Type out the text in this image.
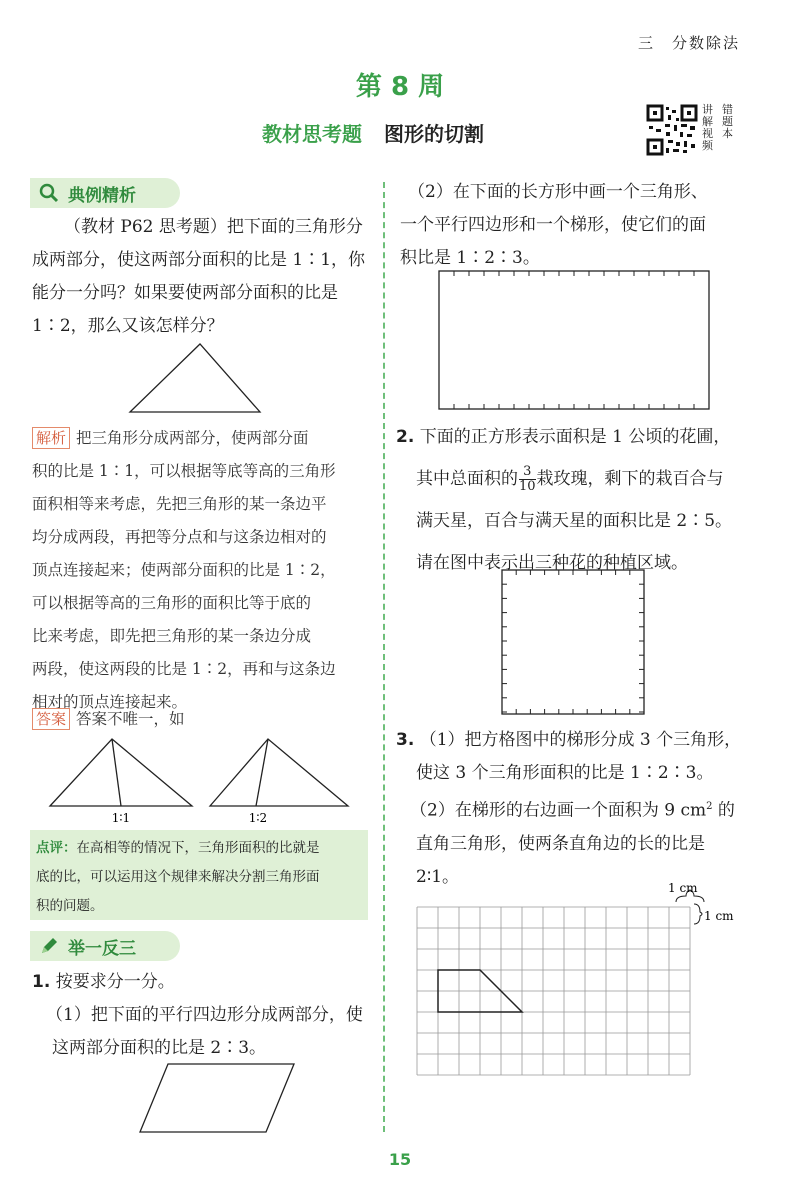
三　分数除法
第 8 周
教材思考题 图形的切割
讲 错
解 题
视 本
频
典例精析
（教材 P62 思考题）把下面的三角形分
成两部分，使这两部分面积的比是 1∶1，你
能分一分吗？如果要使两部分面积的比是
1∶2，那么又该怎样分？
解析 把三角形分成两部分，使两部分面
积的比是 1∶1，可以根据等底等高的三角形
面积相等来考虑，先把三角形的某一条边平
均分成两段，再把等分点和与这条边相对的
顶点连接起来；使两部分面积的比是 1∶2，
可以根据等高的三角形的面积比等于底的
比来考虑，即先把三角形的某一条边分成
两段，使这两段的比是 1∶2，再和与这条边
相对的顶点连接起来。
答案 答案不唯一，如
1∶1	1∶2
点评：在高相等的情况下，三角形面积的比就是
底的比，可以运用这个规律来解决分割三角形面
积的问题。
举一反三
1. 按要求分一分。
（1）把下面的平行四边形分成两部分，使
这两部分面积的比是 2∶3。
（2）在下面的长方形中画一个三角形、
一个平行四边形和一个梯形，使它们的面
积比是 1∶2∶3。
2. 下面的正方形表示面积是 1 公顷的花圃，
其中总面积的 $\frac{3}{10}$ 栽玫瑰，剩下的栽百合与
满天星，百合与满天星的面积比是 2∶5。
请在图中表示出三种花的种植区域。
3. （1）把方格图中的梯形分成 3 个三角形，
使这 3 个三角形面积的比是 1∶2∶3。
（2）在梯形的右边画一个面积为 9 $cm^2$ 的
直角三角形，使两条直角边的长的比是
2∶1。
1 cm
1 cm
15
